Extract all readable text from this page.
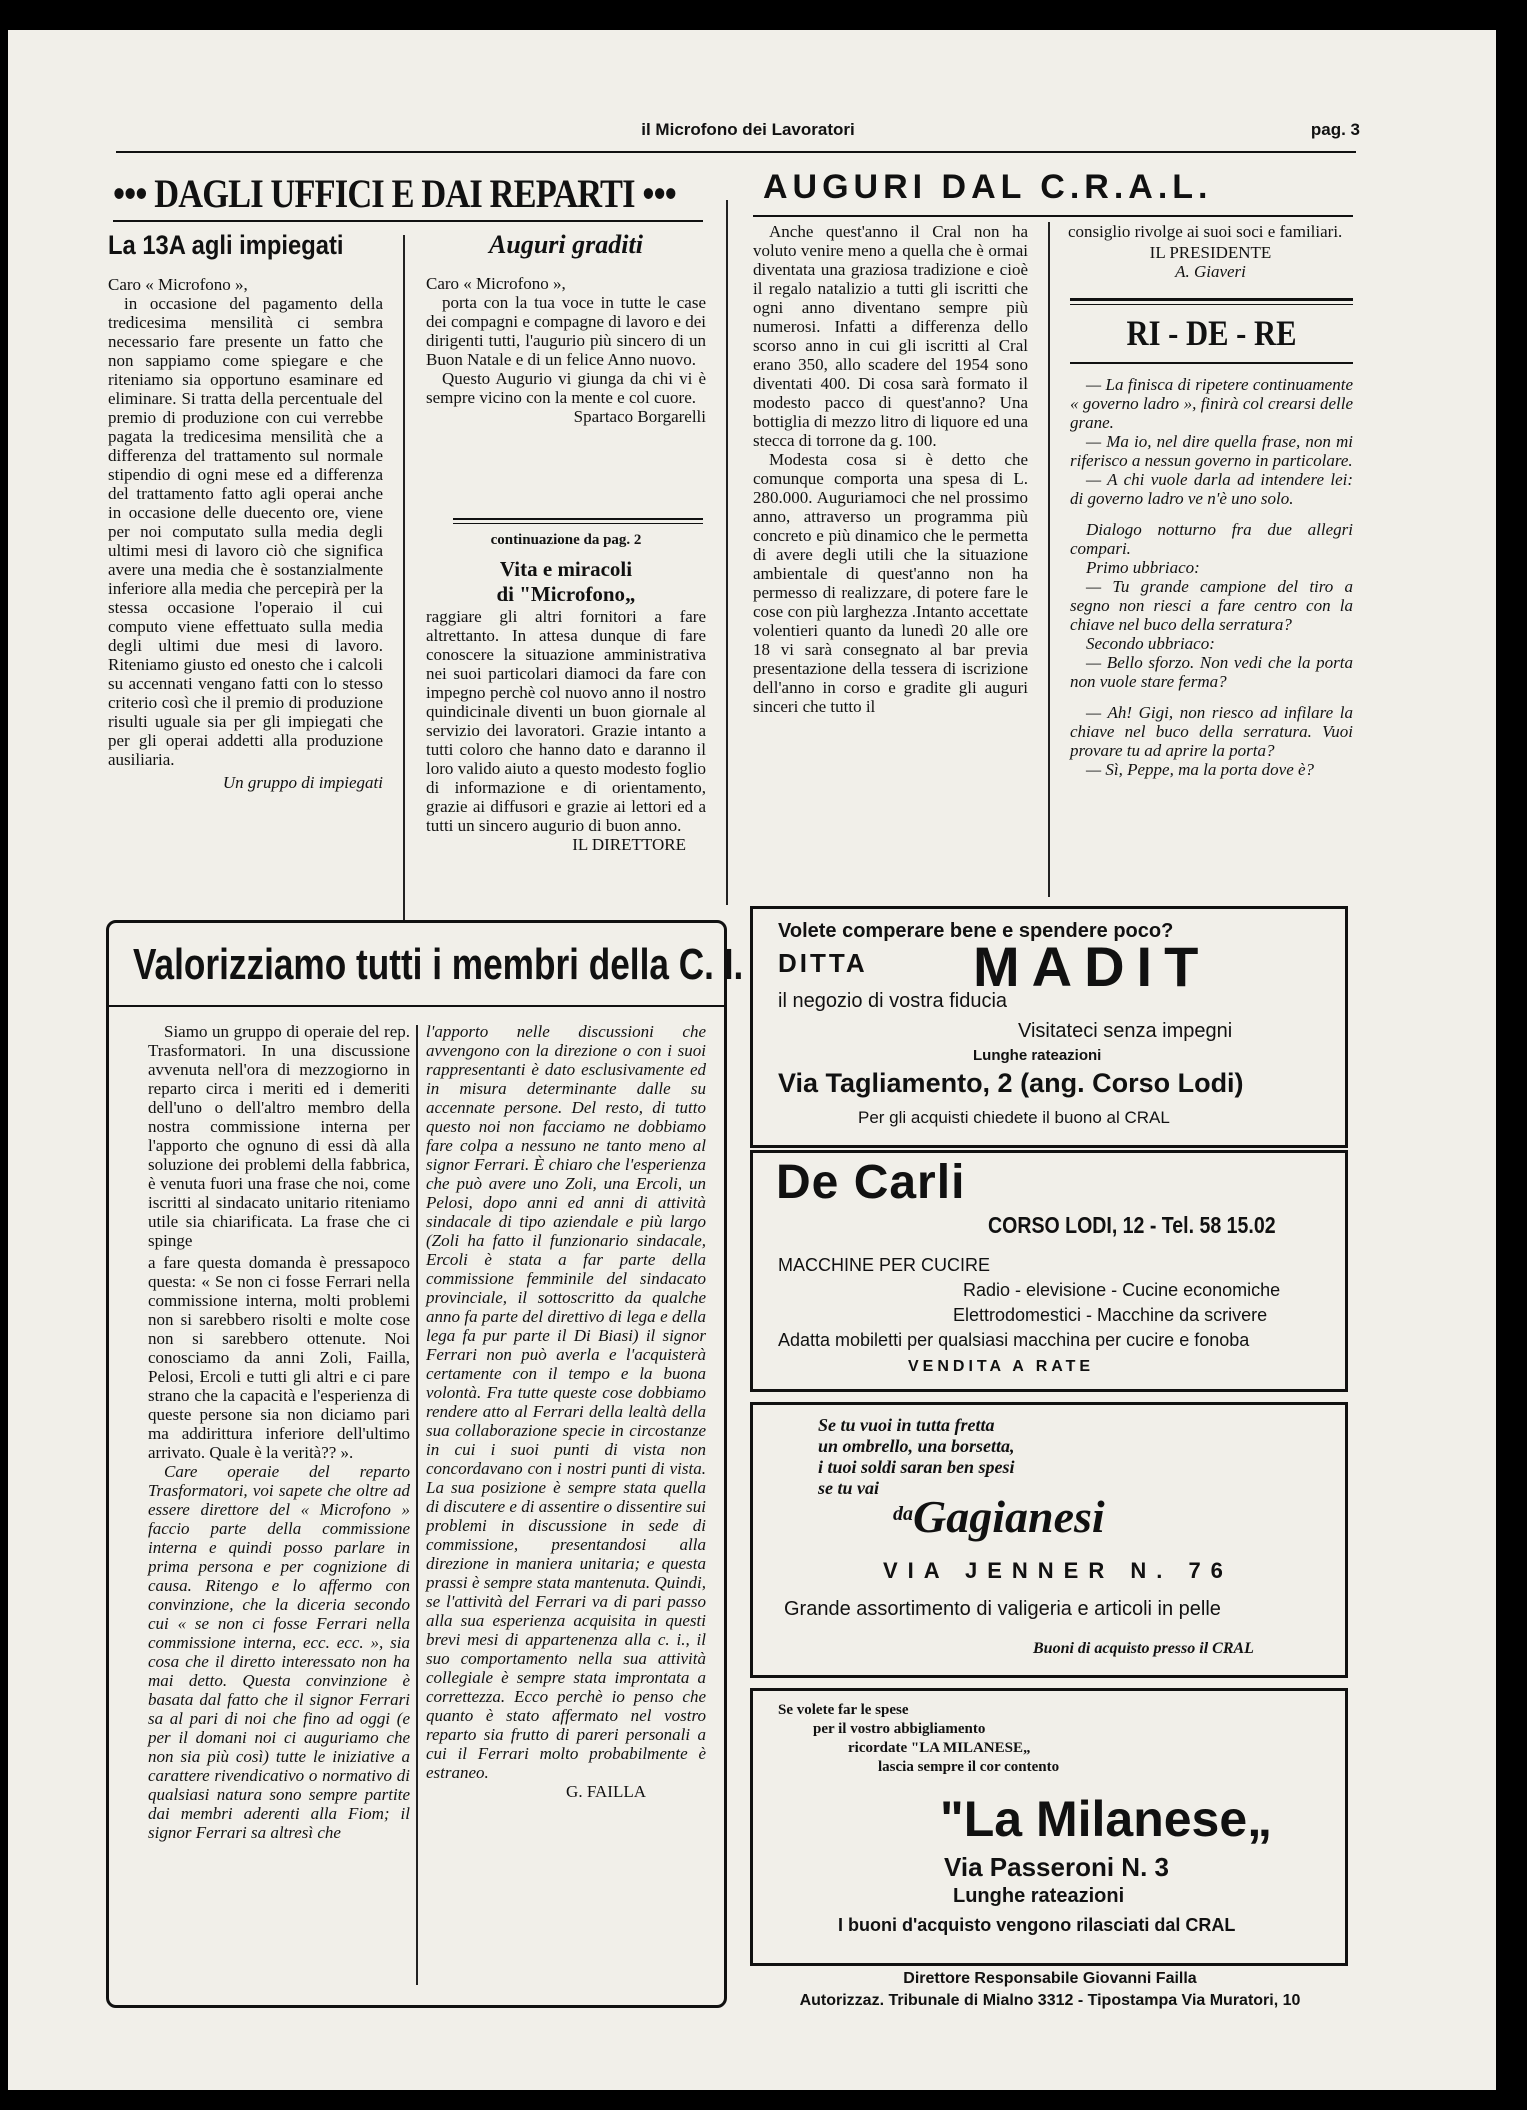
il Microfono dei Lavoratori	pag. 3
••• DAGLI UFFICI E DAI REPARTI •••
La 13A agli impiegati
Caro « Microfono »,

in occasione del pagamento della tredicesima mensilità ci sembra necessario fare presente un fatto che non sappiamo come spiegare e che riteniamo sia opportuno esaminare ed eliminare. Si tratta della percentuale del premio di produzione con cui verrebbe pagata la tredicesima mensilità che a differenza del trattamento sul normale stipendio di ogni mese ed a differenza del trattamento fatto agli operai anche in occasione delle duecento ore, viene per noi computato sulla media degli ultimi mesi di lavoro ciò che significa avere una media che è sostanzialmente inferiore alla media che percepirà per la stessa occasione l'operaio il cui computo viene effettuato sulla media degli ultimi due mesi di lavoro. Riteniamo giusto ed onesto che i calcoli su accennati vengano fatti con lo stesso criterio così che il premio di produzione risulti uguale sia per gli impiegati che per gli operai addetti alla produzione ausiliaria.

Un gruppo di impiegati
Auguri graditi
Caro « Microfono »,

porta con la tua voce in tutte le case dei compagni e compagne di lavoro e dei dirigenti tutti, l'augurio più sincero di un Buon Natale e di un felice Anno nuovo.

Questo Augurio vi giunga da chi vi è sempre vicino con la mente e col cuore.

Spartaco Borgarelli
continuazione da pag. 2
Vita e miracoli
di "Microfono„

raggiare gli altri fornitori a fare altrettanto. In attesa dunque di fare conoscere la situazione amministrativa nei suoi particolari diamoci da fare con impegno perchè col nuovo anno il nostro quindicinale diventi un buon giornale al servizio dei lavoratori. Grazie intanto a tutti coloro che hanno dato e daranno il loro valido aiuto a questo modesto foglio di informazione e di orientamento, grazie ai diffusori e grazie ai lettori ed a tutti un sincero augurio di buon anno.

IL DIRETTORE
AUGURI DAL C.R.A.L.

Anche quest'anno il Cral non ha voluto venire meno a quella che è ormai diventata una graziosa tradizione e cioè il regalo natalizio a tutti gli iscritti che ogni anno diventano sempre più numerosi. Infatti a differenza dello scorso anno in cui gli iscritti al Cral erano 350, allo scadere del 1954 sono diventati 400. Di cosa sarà formato il modesto pacco di quest'anno? Una bottiglia di mezzo litro di liquore ed una stecca di torrone da g. 100.

Modesta cosa si è detto che comunque comporta una spesa di L. 280.000. Auguriamoci che nel prossimo anno, attraverso un programma più concreto e più dinamico che le permetta di avere degli utili che la situazione ambientale di quest'anno non ha permesso di realizzare, di potere fare le cose con più larghezza .Intanto accettate volentieri quanto da lunedì 20 alle ore 18 vi sarà consegnato al bar previa presentazione della tessera di iscrizione dell'anno in corso e gradite gli auguri sinceri che tutto il

consiglio rivolge ai suoi soci e familiari.
IL PRESIDENTE
A. Giaveri
RI - DE - RE

— La finisca di ripetere continuamente « governo ladro », finirà col crearsi delle grane.

— Ma io, nel dire quella frase, non mi riferisco a nessun governo in particolare.

— A chi vuole darla ad intendere lei: di governo ladro ve n'è uno solo.

Dialogo notturno fra due allegri compari.

Primo ubbriaco:

— Tu grande campione del tiro a segno non riesci a fare centro con la chiave nel buco della serratura?

Secondo ubbriaco:

— Bello sforzo. Non vedi che la porta non vuole stare ferma?

— Ah! Gigi, non riesco ad infilare la chiave nel buco della serratura. Vuoi provare tu ad aprire la porta?

— Sì, Peppe, ma la porta dove è?

Valorizziamo tutti i membri della C. I.

Siamo un gruppo di operaie del rep. Trasformatori. In una discussione avvenuta nell'ora di mezzogiorno in reparto circa i meriti ed i demeriti dell'uno o dell'altro membro della nostra commissione interna per l'apporto che ognuno di essi dà alla soluzione dei problemi della fabbrica, è venuta fuori una frase che noi, come iscritti al sindacato unitario riteniamo utile sia chiarificata. La frase che ci spinge

a fare questa domanda è pressapoco questa: « Se non ci fosse Ferrari nella commissione interna, molti problemi non si sarebbero risolti e molte cose non si sarebbero ottenute. Noi conosciamo da anni Zoli, Failla, Pelosi, Ercoli e tutti gli altri e ci pare strano che la capacità e l'esperienza di queste persone sia non diciamo pari ma addirittura inferiore dell'ultimo arrivato. Quale è la verità?? ».

Care operaie del reparto Trasformatori, voi sapete che oltre ad essere direttore del « Microfono » faccio parte della commissione interna e quindi posso parlare in prima persona e per cognizione di causa. Ritengo e lo affermo con convinzione, che la diceria secondo cui « se non ci fosse Ferrari nella commissione interna, ecc. ecc. », sia cosa che il diretto interessato non ha mai detto. Questa convinzione è basata dal fatto che il signor Ferrari sa al pari di noi che fino ad oggi (e per il domani noi ci auguriamo che non sia più così) tutte le iniziative a carattere rivendicativo o normativo di qualsiasi natura sono sempre partite dai membri aderenti alla Fiom; il signor Ferrari sa altresì che

l'apporto nelle discussioni che avvengono con la direzione o con i suoi rappresentanti è dato esclusivamente ed in misura determinante dalle su accennate persone. Del resto, di tutto questo noi non facciamo ne dobbiamo fare colpa a nessuno ne tanto meno al signor Ferrari. È chiaro che l'esperienza che può avere uno Zoli, una Ercoli, un Pelosi, dopo anni ed anni di attività sindacale di tipo aziendale e più largo (Zoli ha fatto il funzionario sindacale, Ercoli è stata a far parte della commissione femminile del sindacato provinciale, il sottoscritto da qualche anno fa parte del direttivo di lega e della lega fa pur parte il Di Biasi) il signor Ferrari non può averla e l'acquisterà certamente con il tempo e la buona volontà. Fra tutte queste cose dobbiamo rendere atto al Ferrari della lealtà della sua collaborazione specie in circostanze in cui i suoi punti di vista non concordavano con i nostri punti di vista. La sua posizione è sempre stata quella di discutere e di assentire o dissentire sui problemi in discussione in sede di commissione, presentandosi alla direzione in maniera unitaria; e questa prassi è sempre stata mantenuta. Quindi, se l'attività del Ferrari va di pari passo alla sua esperienza acquisita in questi brevi mesi di appartenenza alla c. i., il suo comportamento nella sua attività collegiale è sempre stata improntata a correttezza. Ecco perchè io penso che quanto è stato affermato nel vostro reparto sia frutto di pareri personali a cui il Ferrari molto probabilmente è estraneo.

G. FAILLA
Volete comperare bene e spendere poco?
DITTA MADIT
il negozio di vostra fiducia
Visitateci senza impegni
Lunghe rateazioni
Via Tagliamento, 2 (ang. Corso Lodi)
Per gli acquisti chiedete il buono al CRAL
De Carli
CORSO LODI, 12 - Tel. 58 15.02
MACCHINE PER CUCIRE
Radio - elevisione - Cucine economiche
Elettrodomestici - Macchine da scrivere
Adatta mobiletti per qualsiasi macchina per cucire e fonoba
VENDITA A RATE
Se tu vuoi in tutta fretta
un ombrello, una borsetta,
i tuoi soldi saran ben spesi
se tu vai
da Gagianesi
VIA JENNER N. 76
Grande assortimento di valigeria e articoli in pelle
Buoni di acquisto presso il CRAL
Se volete far le spese
per il vostro abbigliamento
ricordate "LA MILANESE„
lascia sempre il cor contento
"La Milanese„
Via Passeroni N. 3
Lunghe rateazioni
I buoni d'acquisto vengono rilasciati dal CRAL
Direttore Responsabile Giovanni Failla
Autorizzaz. Tribunale di Mialno 3312 - Tipostampa Via Muratori, 10
